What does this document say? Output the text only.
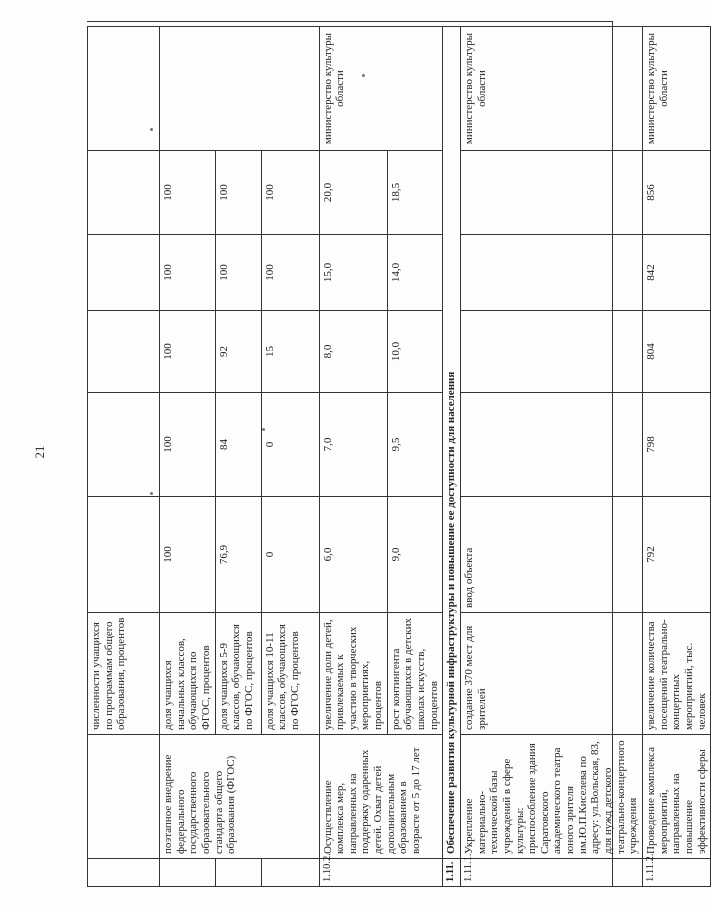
21
		численности учащихся по программам общего образования, процентов						
	поэтапное внедрение федерального государственного образовательного стандарта общего образования (ФГОС)	доля учащихся начальных классов, обучающихся по ФГОС, процентов	100	100	100	100	100	
		доля учащихся 5-9 классов, обучающихся по ФГОС, процентов	76,9	84	92	100	100	
		доля учащихся 10-11 классов, обучающихся по ФГОС, процентов	0	0	15	100	100	
1.10.2.	Осуществление комплекса мер, направленных на поддержку одаренных детей. Охват детей дополнительным образованием в возрасте от 5 до 17 лет	увеличение доли детей, привлекаемых к участию в творческих мероприятиях, процентов	6,0	7,0	8,0	15,0	20,0	министерство культуры области
		рост контингента обучающихся в детских школах искусств, процентов	9,0	9,5	10,0	14,0	18,5	
1.11.	Обеспечение развития культурной инфраструктуры и повышение ее доступности для населения							
1.11.1.	Укрепление материально-технической базы учреждений в сфере культуры: приспособление здания Саратовского академического театра юного зрителя им.Ю.П.Киселева по адресу: ул.Вольская, 83, для нужд детского театрально-концертного учреждения	создание 370 мест для зрителей	ввод объекта					министерство культуры области
1.11.2.	Проведение комплекса мероприятий, направленных на повышение эффективности сферы	увеличение количества посещений театрально-концертных мероприятий, тыс. человек	792	798	804	842	856	министерство культуры области
